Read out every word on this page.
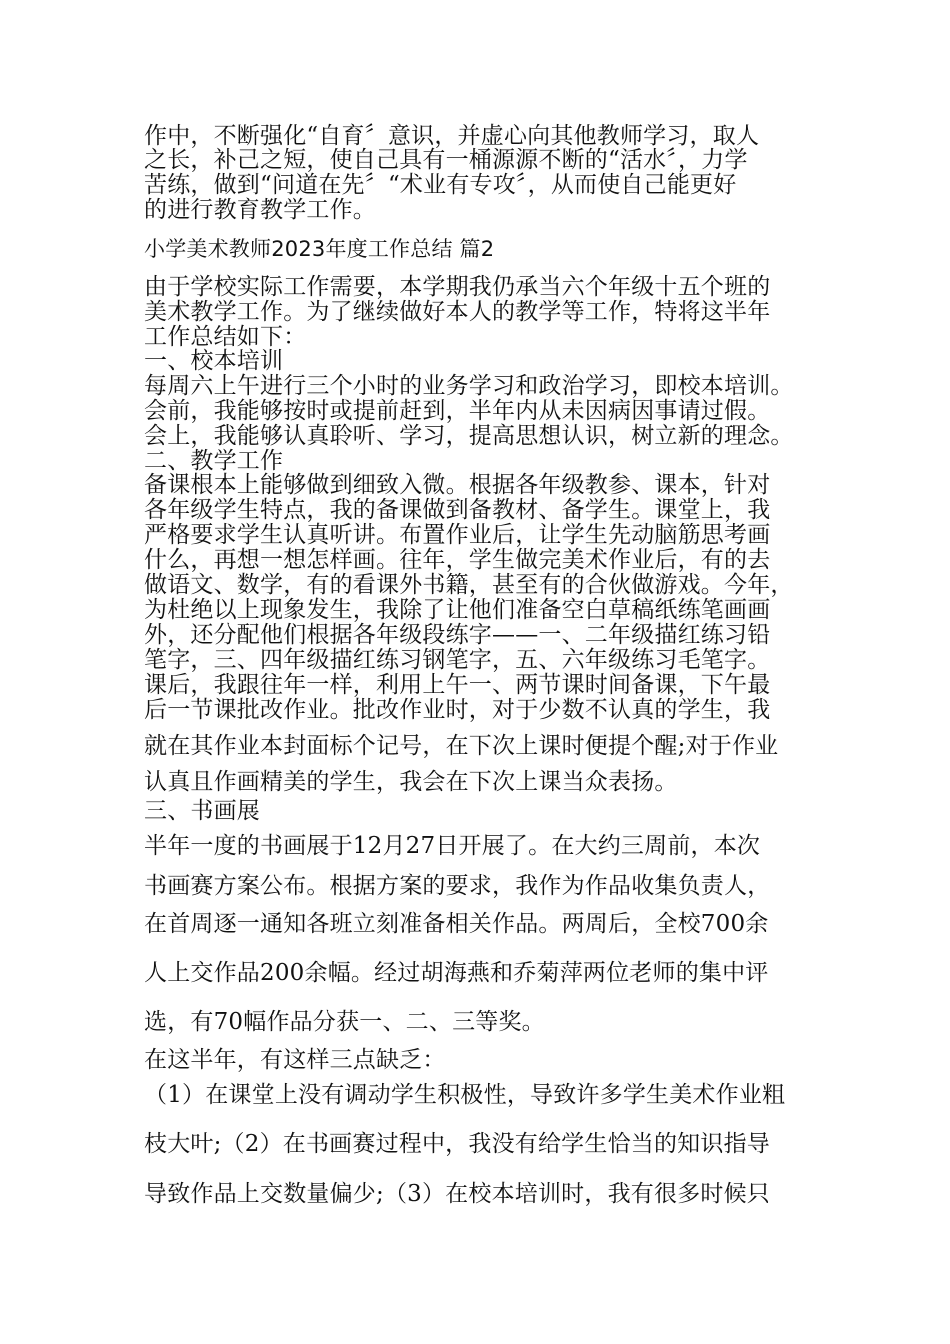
作中，不断强化“自育〞意识，并虚心向其他教师学习，取人
之长，补己之短，使自己具有一桶源源不断的“活水〞，力学
苦练，做到“问道在先〞“术业有专攻〞，从而使自己能更好
的进行教育教学工作。
小学美术教师2023年度工作总结 篇2
由于学校实际工作需要，本学期我仍承当六个年级十五个班的
美术教学工作。为了继续做好本人的教学等工作，特将这半年
工作总结如下：
一、校本培训
每周六上午进行三个小时的业务学习和政治学习，即校本培训。
会前，我能够按时或提前赶到，半年内从未因病因事请过假。
会上，我能够认真聆听、学习，提高思想认识，树立新的理念。
二、教学工作
备课根本上能够做到细致入微。根据各年级教参、课本，针对
各年级学生特点，我的备课做到备教材、备学生。课堂上，我
严格要求学生认真听讲。布置作业后，让学生先动脑筋思考画
什么，再想一想怎样画。往年，学生做完美术作业后，有的去
做语文、数学，有的看课外书籍，甚至有的合伙做游戏。今年，
为杜绝以上现象发生，我除了让他们准备空白草稿纸练笔画画
外，还分配他们根据各年级段练字——一、二年级描红练习铅
笔字，三、四年级描红练习钢笔字，五、六年级练习毛笔字。
课后，我跟往年一样，利用上午一、两节课时间备课，下午最
后一节课批改作业。批改作业时，对于少数不认真的学生，我
就在其作业本封面标个记号，在下次上课时便提个醒;对于作业
认真且作画精美的学生，我会在下次上课当众表扬。
三、书画展
半年一度的书画展于12月27日开展了。在大约三周前，本次
书画赛方案公布。根据方案的要求，我作为作品收集负责人，
在首周逐一通知各班立刻准备相关作品。两周后，全校700余
人上交作品200余幅。经过胡海燕和乔菊萍两位老师的集中评
选，有70幅作品分获一、二、三等奖。
在这半年，有这样三点缺乏：
（1）在课堂上没有调动学生积极性，导致许多学生美术作业粗
枝大叶;（2）在书画赛过程中，我没有给学生恰当的知识指导
导致作品上交数量偏少;（3）在校本培训时，我有很多时候只
